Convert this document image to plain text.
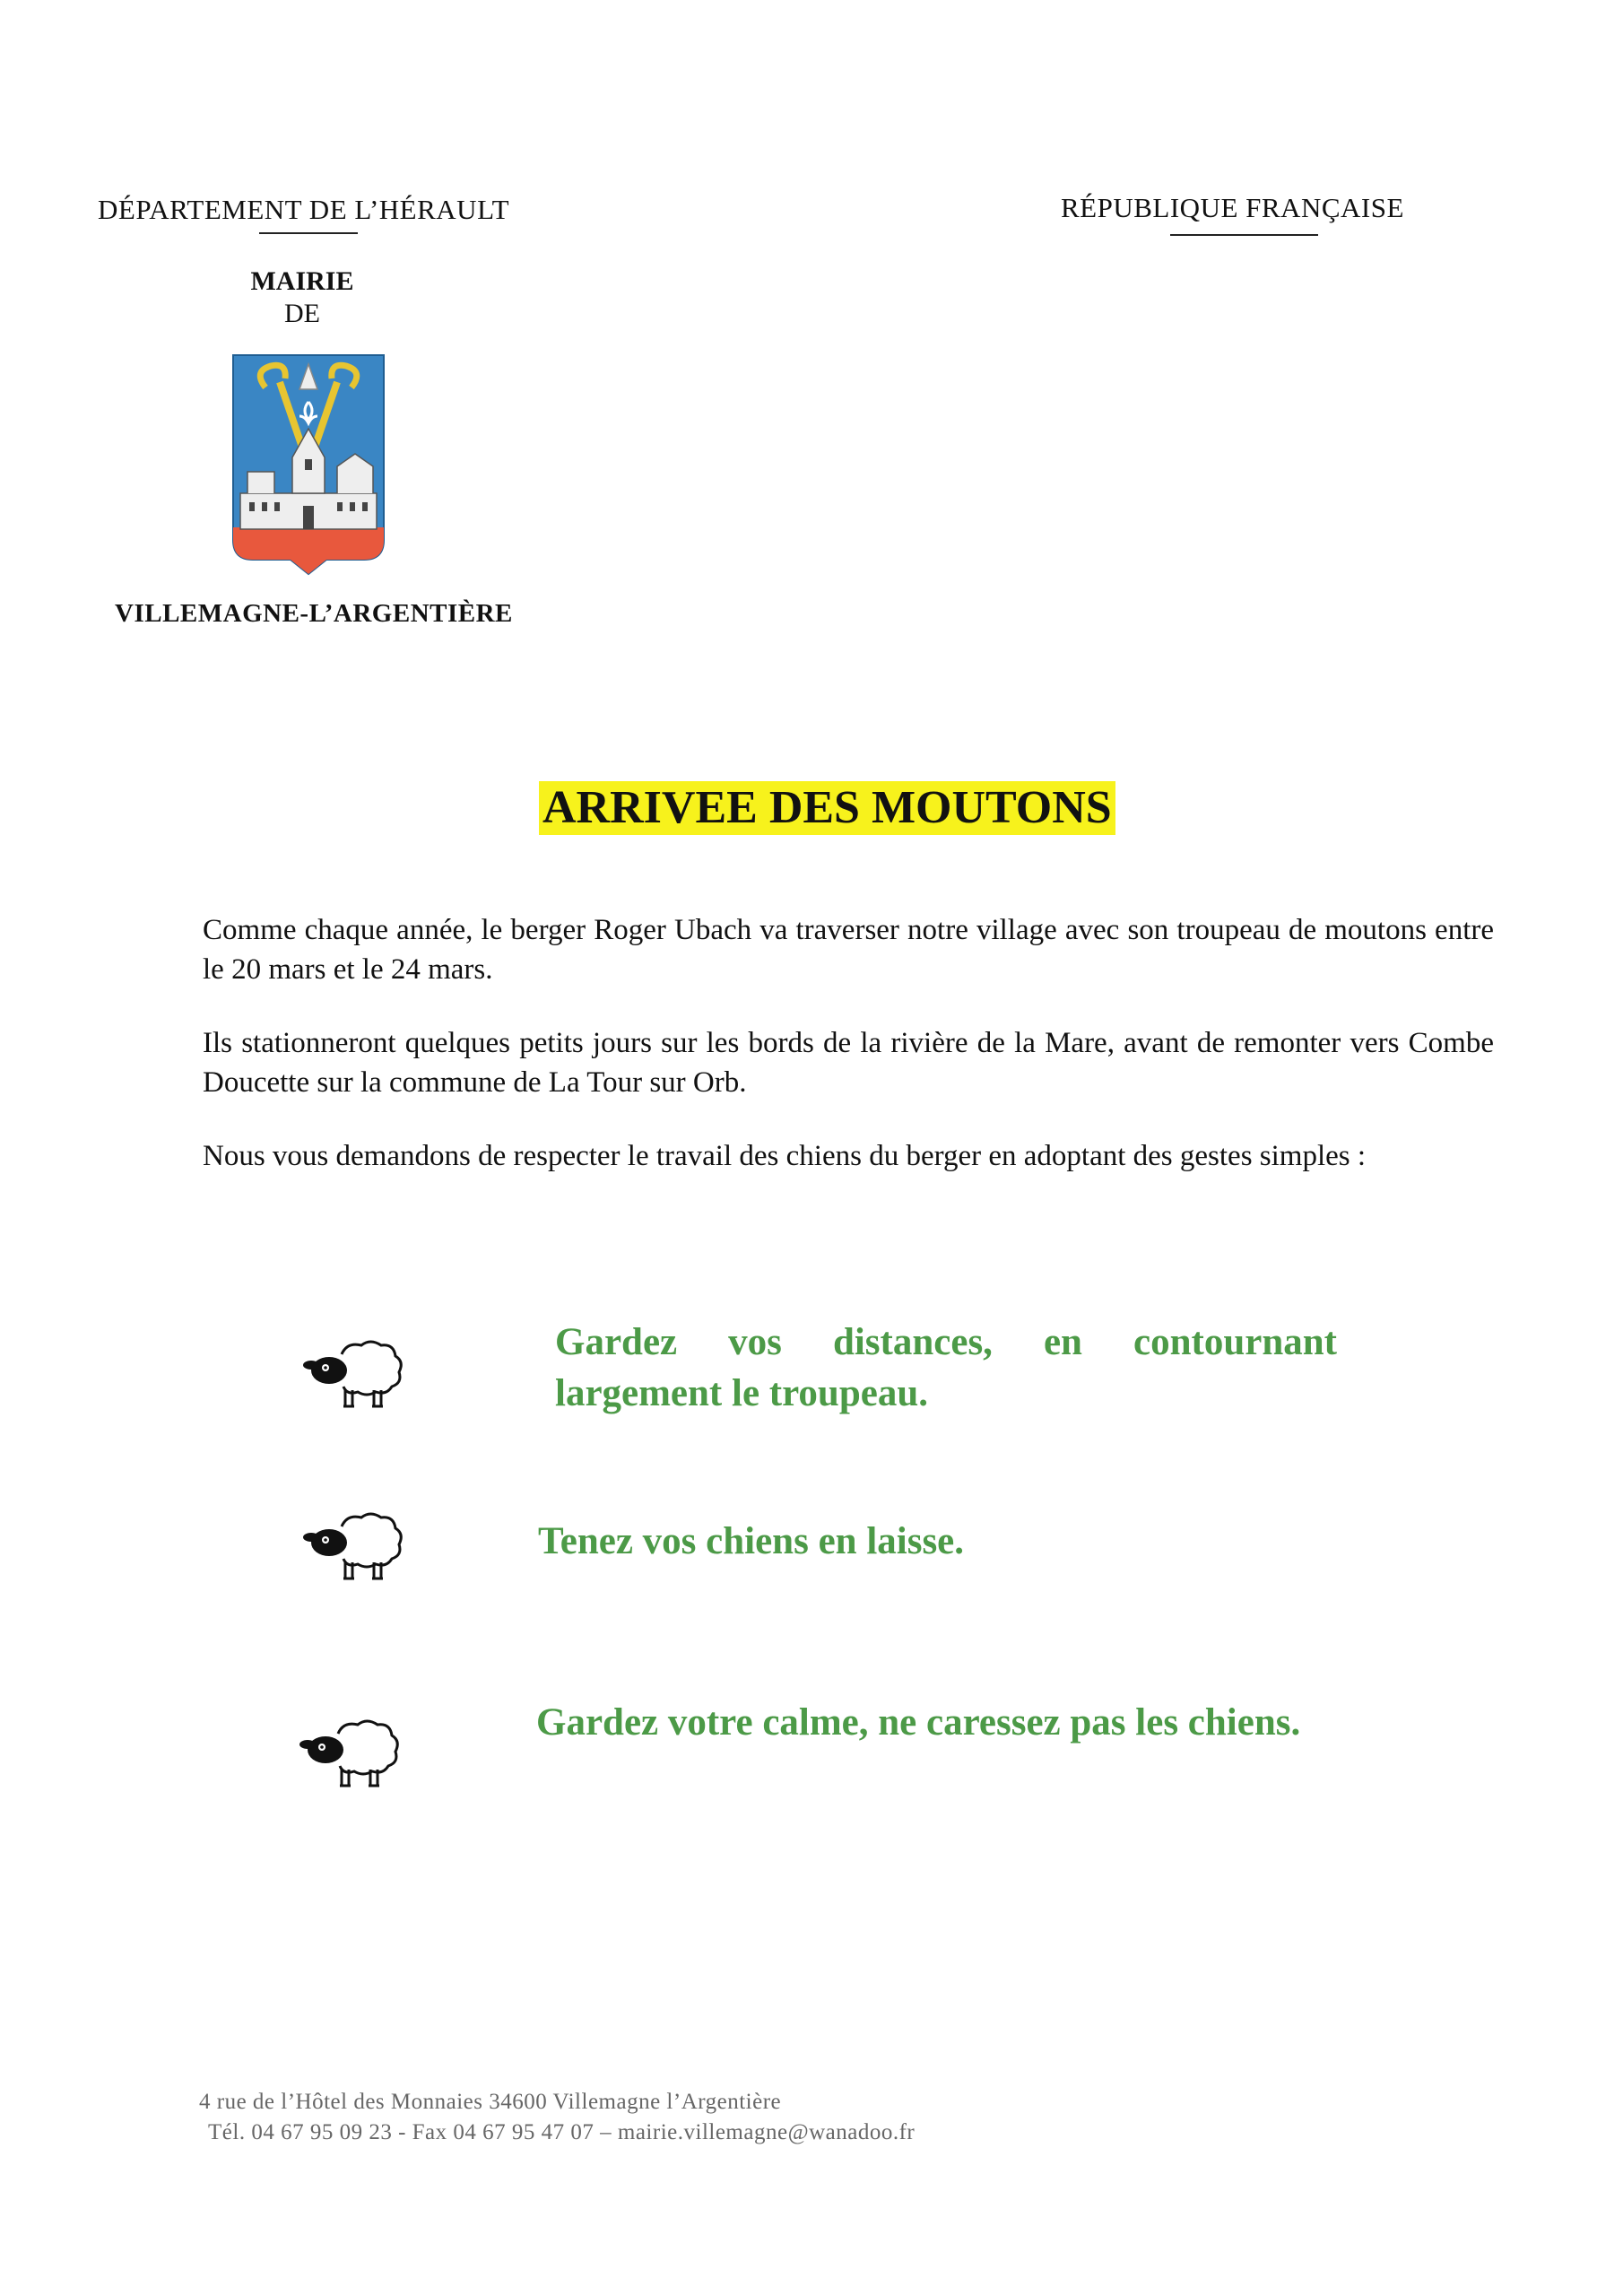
DÉPARTEMENT DE L’HÉRAULT	RÉPUBLIQUE FRANÇAISE
MAIRIE
DE
VILLEMAGNE-L’ARGENTIÈRE
ARRIVEE DES MOUTONS
Comme chaque année, le berger Roger Ubach va traverser notre village avec son troupeau de moutons entre le 20 mars et le 24 mars.
Ils stationneront quelques petits jours sur les bords de la rivière de la Mare, avant de remonter vers Combe Doucette sur la commune de La Tour sur Orb.
Nous vous demandons de respecter le travail des chiens du berger en adoptant des gestes simples :
Gardez vos distances, en contournant largement le troupeau.
Tenez vos chiens en laisse.
Gardez votre calme, ne caressez pas les chiens.
4 rue de l’Hôtel des Monnaies 34600 Villemagne l’Argentière
Tél. 04 67 95 09 23 - Fax 04 67 95 47 07 – mairie.villemagne@wanadoo.fr
